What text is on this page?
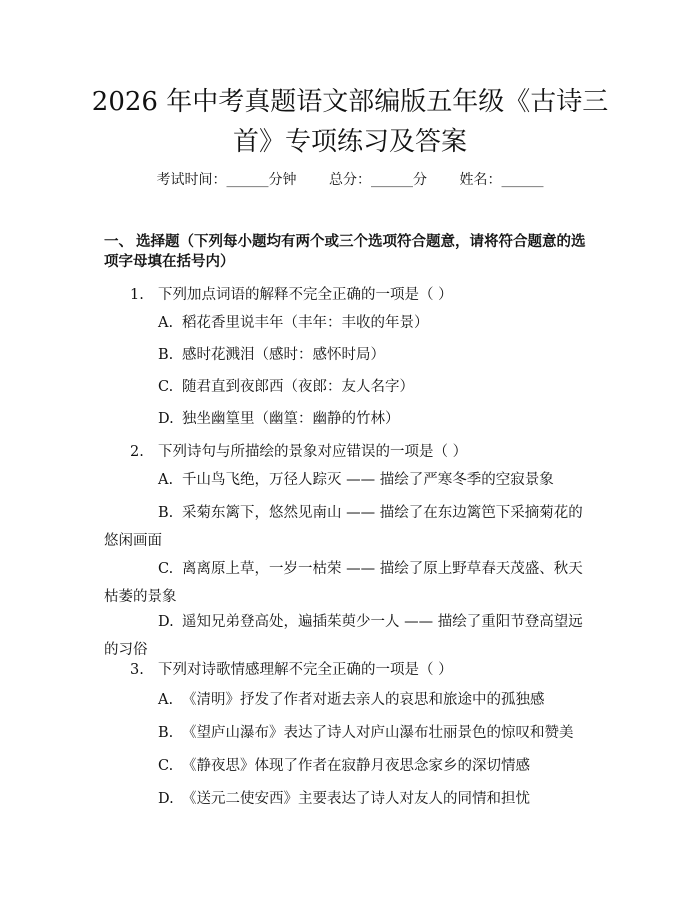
2026 年中考真题语文部编版五年级《古诗三
首》专项练习及答案
考试时间：______分钟 总分：______分 姓名：______
一、 选择题（下列每小题均有两个或三个选项符合题意，请将符合题意的选项字母填在括号内）
1. 下列加点词语的解释不完全正确的一项是（ ）
A. 稻花香里说丰年（丰年：丰收的年景）
B. 感时花溅泪（感时：感怀时局）
C. 随君直到夜郎西（夜郎：友人名字）
D. 独坐幽篁里（幽篁：幽静的竹林）
2. 下列诗句与所描绘的景象对应错误的一项是（ ）
A. 千山鸟飞绝，万径人踪灭 —— 描绘了严寒冬季的空寂景象
B. 采菊东篱下，悠然见南山 —— 描绘了在东边篱笆下采摘菊花的悠闲画面
C. 离离原上草，一岁一枯荣 —— 描绘了原上野草春天茂盛、秋天枯萎的景象
D. 遥知兄弟登高处，遍插茱萸少一人 —— 描绘了重阳节登高望远的习俗
3. 下列对诗歌情感理解不完全正确的一项是（ ）
A. 《清明》抒发了作者对逝去亲人的哀思和旅途中的孤独感
B. 《望庐山瀑布》表达了诗人对庐山瀑布壮丽景色的惊叹和赞美
C. 《静夜思》体现了作者在寂静月夜思念家乡的深切情感
D. 《送元二使安西》主要表达了诗人对友人的同情和担忧
